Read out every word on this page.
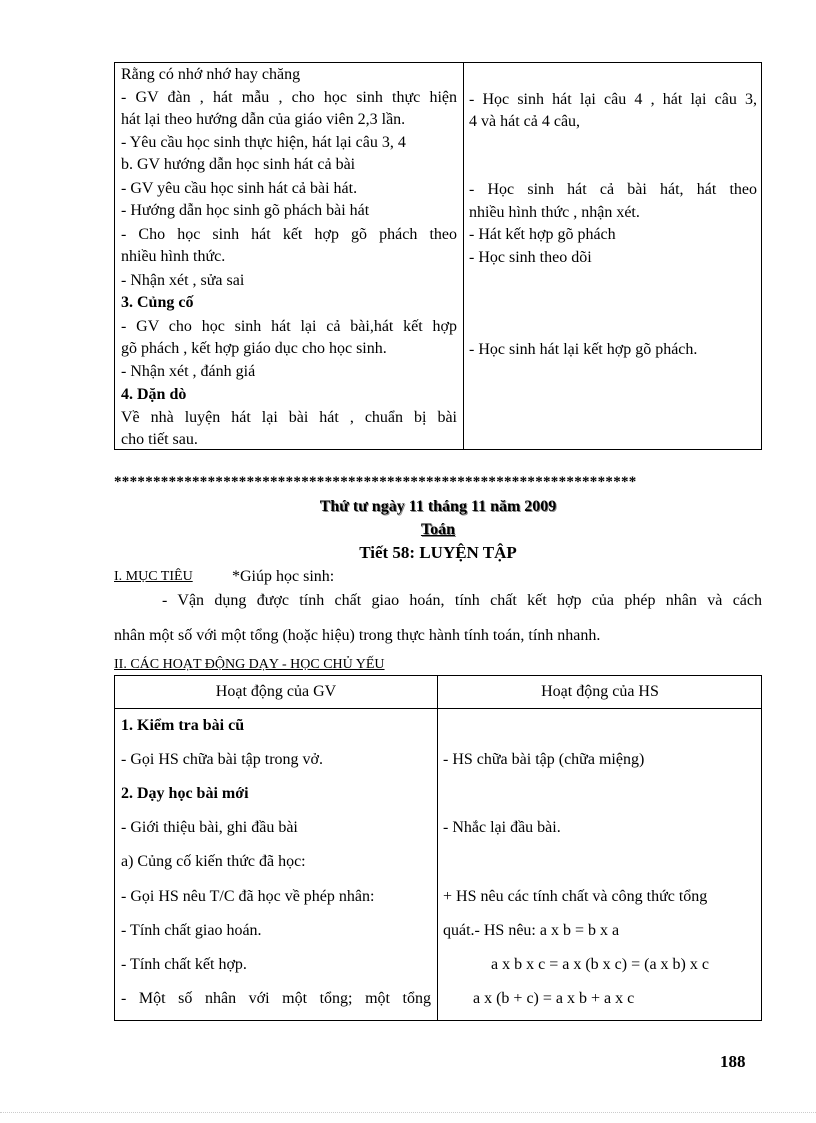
Rằng có nhớ nhớ hay chăng
- GV đàn , hát mẫu , cho học sinh thực hiện
hát lại theo hướng dẫn của giáo viên 2,3 lần.
- Yêu cầu học sinh thực hiện, hát lại câu 3, 4
b. GV hướng dẫn học sinh hát cả bài
- GV yêu cầu học sinh hát cả bài hát.
- Hướng dẫn học sinh gõ phách bài hát
- Cho học sinh hát kết hợp gõ phách theo
nhiều hình thức.
- Nhận xét , sửa sai
3. Củng cố
- GV cho học sinh hát lại cả bài,hát kết hợp
gõ phách , kết hợp giáo dục cho học sinh.
- Nhận xét , đánh giá
4. Dặn dò
Về nhà luyện hát lại bài hát , chuẩn bị bài
cho tiết sau.
- Học sinh hát lại câu 4 , hát lại câu 3,
4 và hát cả 4 câu,
- Học sinh hát cả bài hát, hát theo
nhiều hình thức , nhận xét.
- Hát kết hợp gõ phách
- Học sinh theo dõi
- Học sinh hát lại kết hợp gõ phách.
*******************************************************************
Thứ tư ngày 11 tháng 11 năm 2009
Toán
Tiết 58: LUYỆN TẬP
I. MỤC TIÊU *Giúp học sinh:
- Vận dụng được tính chất giao hoán, tính chất kết hợp của phép nhân và cách
nhân một số với một tổng (hoặc hiệu) trong thực hành tính toán, tính nhanh.
II. CÁC HOẠT ĐỘNG DẠY - HỌC CHỦ YẾU
Hoạt động của GV	Hoạt động của HS
1. Kiểm tra bài cũ
- Gọi HS chữa bài tập trong vở.
2. Dạy học bài mới
- Giới thiệu bài, ghi đầu bài
a) Củng cố kiến thức đã học:
- Gọi HS nêu T/C đã học về phép nhân:
- Tính chất giao hoán.
- Tính chất kết hợp.
- Một số nhân với một tổng; một tổng
- HS chữa bài tập (chữa miệng)
- Nhắc lại đầu bài.
+ HS nêu các tính chất và công thức tổng
quát.- HS nêu: a x b = b x a
a x b x c = a x (b x c) = (a x b) x c
a x (b + c) = a x b + a x c
188
